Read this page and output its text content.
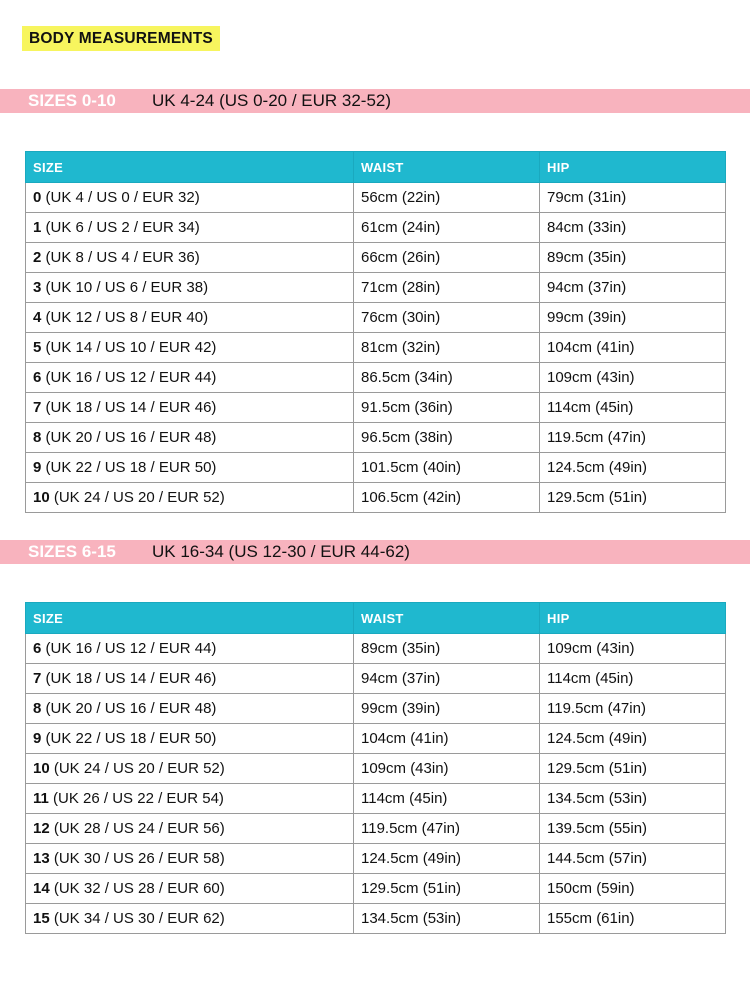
BODY MEASUREMENTS
SIZES 0-10	UK 4-24 (US 0-20 / EUR 32-52)
SIZE	WAIST	HIP
0 (UK 4 / US 0 / EUR 32)	56cm (22in)	79cm (31in)
1 (UK 6 / US 2 / EUR 34)	61cm (24in)	84cm (33in)
2 (UK 8 / US 4 / EUR 36)	66cm (26in)	89cm (35in)
3 (UK 10 / US 6 / EUR 38)	71cm (28in)	94cm (37in)
4 (UK 12 / US 8 / EUR 40)	76cm (30in)	99cm (39in)
5 (UK 14 / US 10 / EUR 42)	81cm (32in)	104cm (41in)
6 (UK 16 / US 12 / EUR 44)	86.5cm (34in)	109cm (43in)
7 (UK 18 / US 14 / EUR 46)	91.5cm (36in)	114cm (45in)
8 (UK 20 / US 16 / EUR 48)	96.5cm (38in)	119.5cm (47in)
9 (UK 22 / US 18 / EUR 50)	101.5cm (40in)	124.5cm (49in)
10 (UK 24 / US 20 / EUR 52)	106.5cm (42in)	129.5cm (51in)
SIZES 6-15	UK 16-34 (US 12-30 / EUR 44-62)
SIZE	WAIST	HIP
6 (UK 16 / US 12 / EUR 44)	89cm (35in)	109cm (43in)
7 (UK 18 / US 14 / EUR 46)	94cm (37in)	114cm (45in)
8 (UK 20 / US 16 / EUR 48)	99cm (39in)	119.5cm (47in)
9 (UK 22 / US 18 / EUR 50)	104cm (41in)	124.5cm (49in)
10 (UK 24 / US 20 / EUR 52)	109cm (43in)	129.5cm (51in)
11 (UK 26 / US 22 / EUR 54)	114cm (45in)	134.5cm (53in)
12 (UK 28 / US 24 / EUR 56)	119.5cm (47in)	139.5cm (55in)
13 (UK 30 / US 26 / EUR 58)	124.5cm (49in)	144.5cm (57in)
14 (UK 32 / US 28 / EUR 60)	129.5cm (51in)	150cm (59in)
15 (UK 34 / US 30 / EUR 62)	134.5cm (53in)	155cm (61in)
